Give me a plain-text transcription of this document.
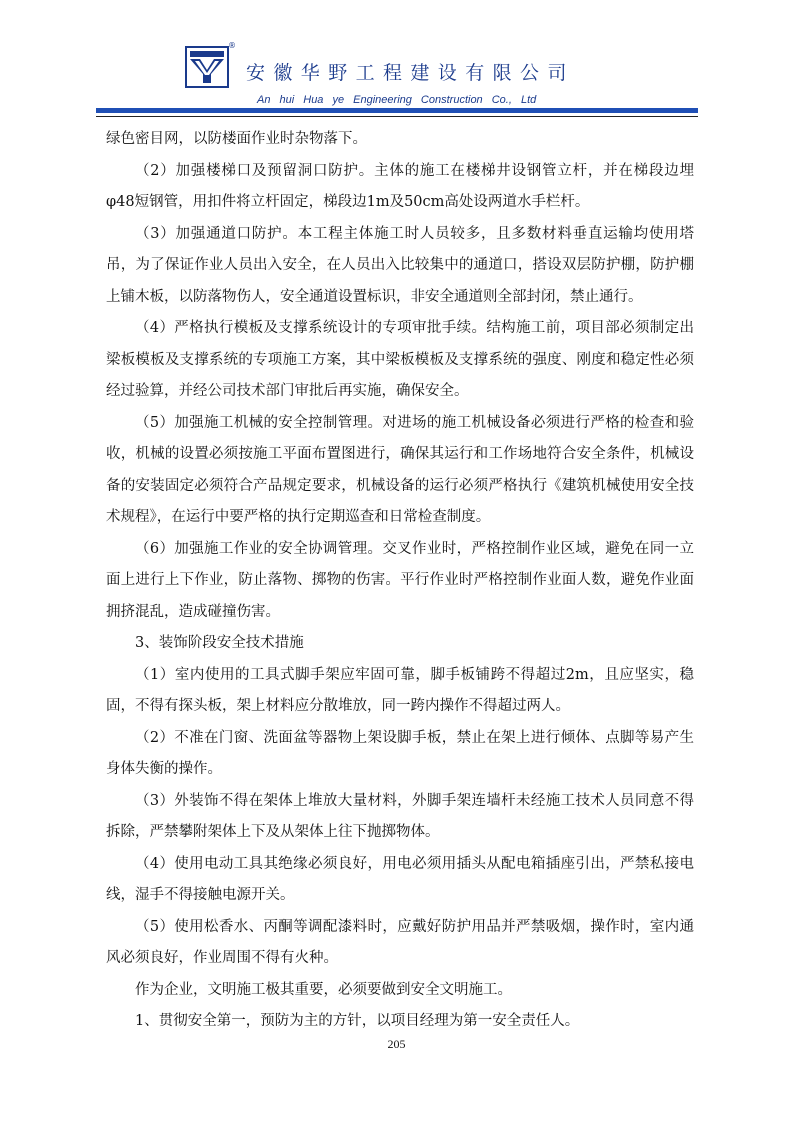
®
安徽华野工程建设有限公司
An hui Hua ye Engineering Construction Co., Ltd

绿色密目网，以防楼面作业时杂物落下。

（2）加强楼梯口及预留洞口防护。主体的施工在楼梯井设钢管立杆，并在梯段边埋φ48短钢管，用扣件将立杆固定，梯段边1m及50cm高处设两道水手栏杆。

（3）加强通道口防护。本工程主体施工时人员较多，且多数材料垂直运输均使用塔吊，为了保证作业人员出入安全，在人员出入比较集中的通道口，搭设双层防护棚，防护棚上铺木板，以防落物伤人，安全通道设置标识，非安全通道则全部封闭，禁止通行。

（4）严格执行模板及支撑系统设计的专项审批手续。结构施工前，项目部必须制定出梁板模板及支撑系统的专项施工方案，其中梁板模板及支撑系统的强度、刚度和稳定性必须经过验算，并经公司技术部门审批后再实施，确保安全。

（5）加强施工机械的安全控制管理。对进场的施工机械设备必须进行严格的检查和验收，机械的设置必须按施工平面布置图进行，确保其运行和工作场地符合安全条件，机械设备的安装固定必须符合产品规定要求，机械设备的运行必须严格执行《建筑机械使用安全技术规程》，在运行中要严格的执行定期巡查和日常检查制度。

（6）加强施工作业的安全协调管理。交叉作业时，严格控制作业区域，避免在同一立面上进行上下作业，防止落物、掷物的伤害。平行作业时严格控制作业面人数，避免作业面拥挤混乱，造成碰撞伤害。

3、装饰阶段安全技术措施

（1）室内使用的工具式脚手架应牢固可靠，脚手板铺跨不得超过2m，且应坚实，稳固，不得有探头板，架上材料应分散堆放，同一跨内操作不得超过两人。

（2）不准在门窗、洗面盆等器物上架设脚手板，禁止在架上进行倾体、点脚等易产生身体失衡的操作。

（3）外装饰不得在架体上堆放大量材料，外脚手架连墙杆未经施工技术人员同意不得拆除，严禁攀附架体上下及从架体上往下抛掷物体。

（4）使用电动工具其绝缘必须良好，用电必须用插头从配电箱插座引出，严禁私接电线，湿手不得接触电源开关。

（5）使用松香水、丙酮等调配漆料时，应戴好防护用品并严禁吸烟，操作时，室内通风必须良好，作业周围不得有火种。

作为企业，文明施工极其重要，必须要做到安全文明施工。

1、贯彻安全第一，预防为主的方针，以项目经理为第一安全责任人。

205
